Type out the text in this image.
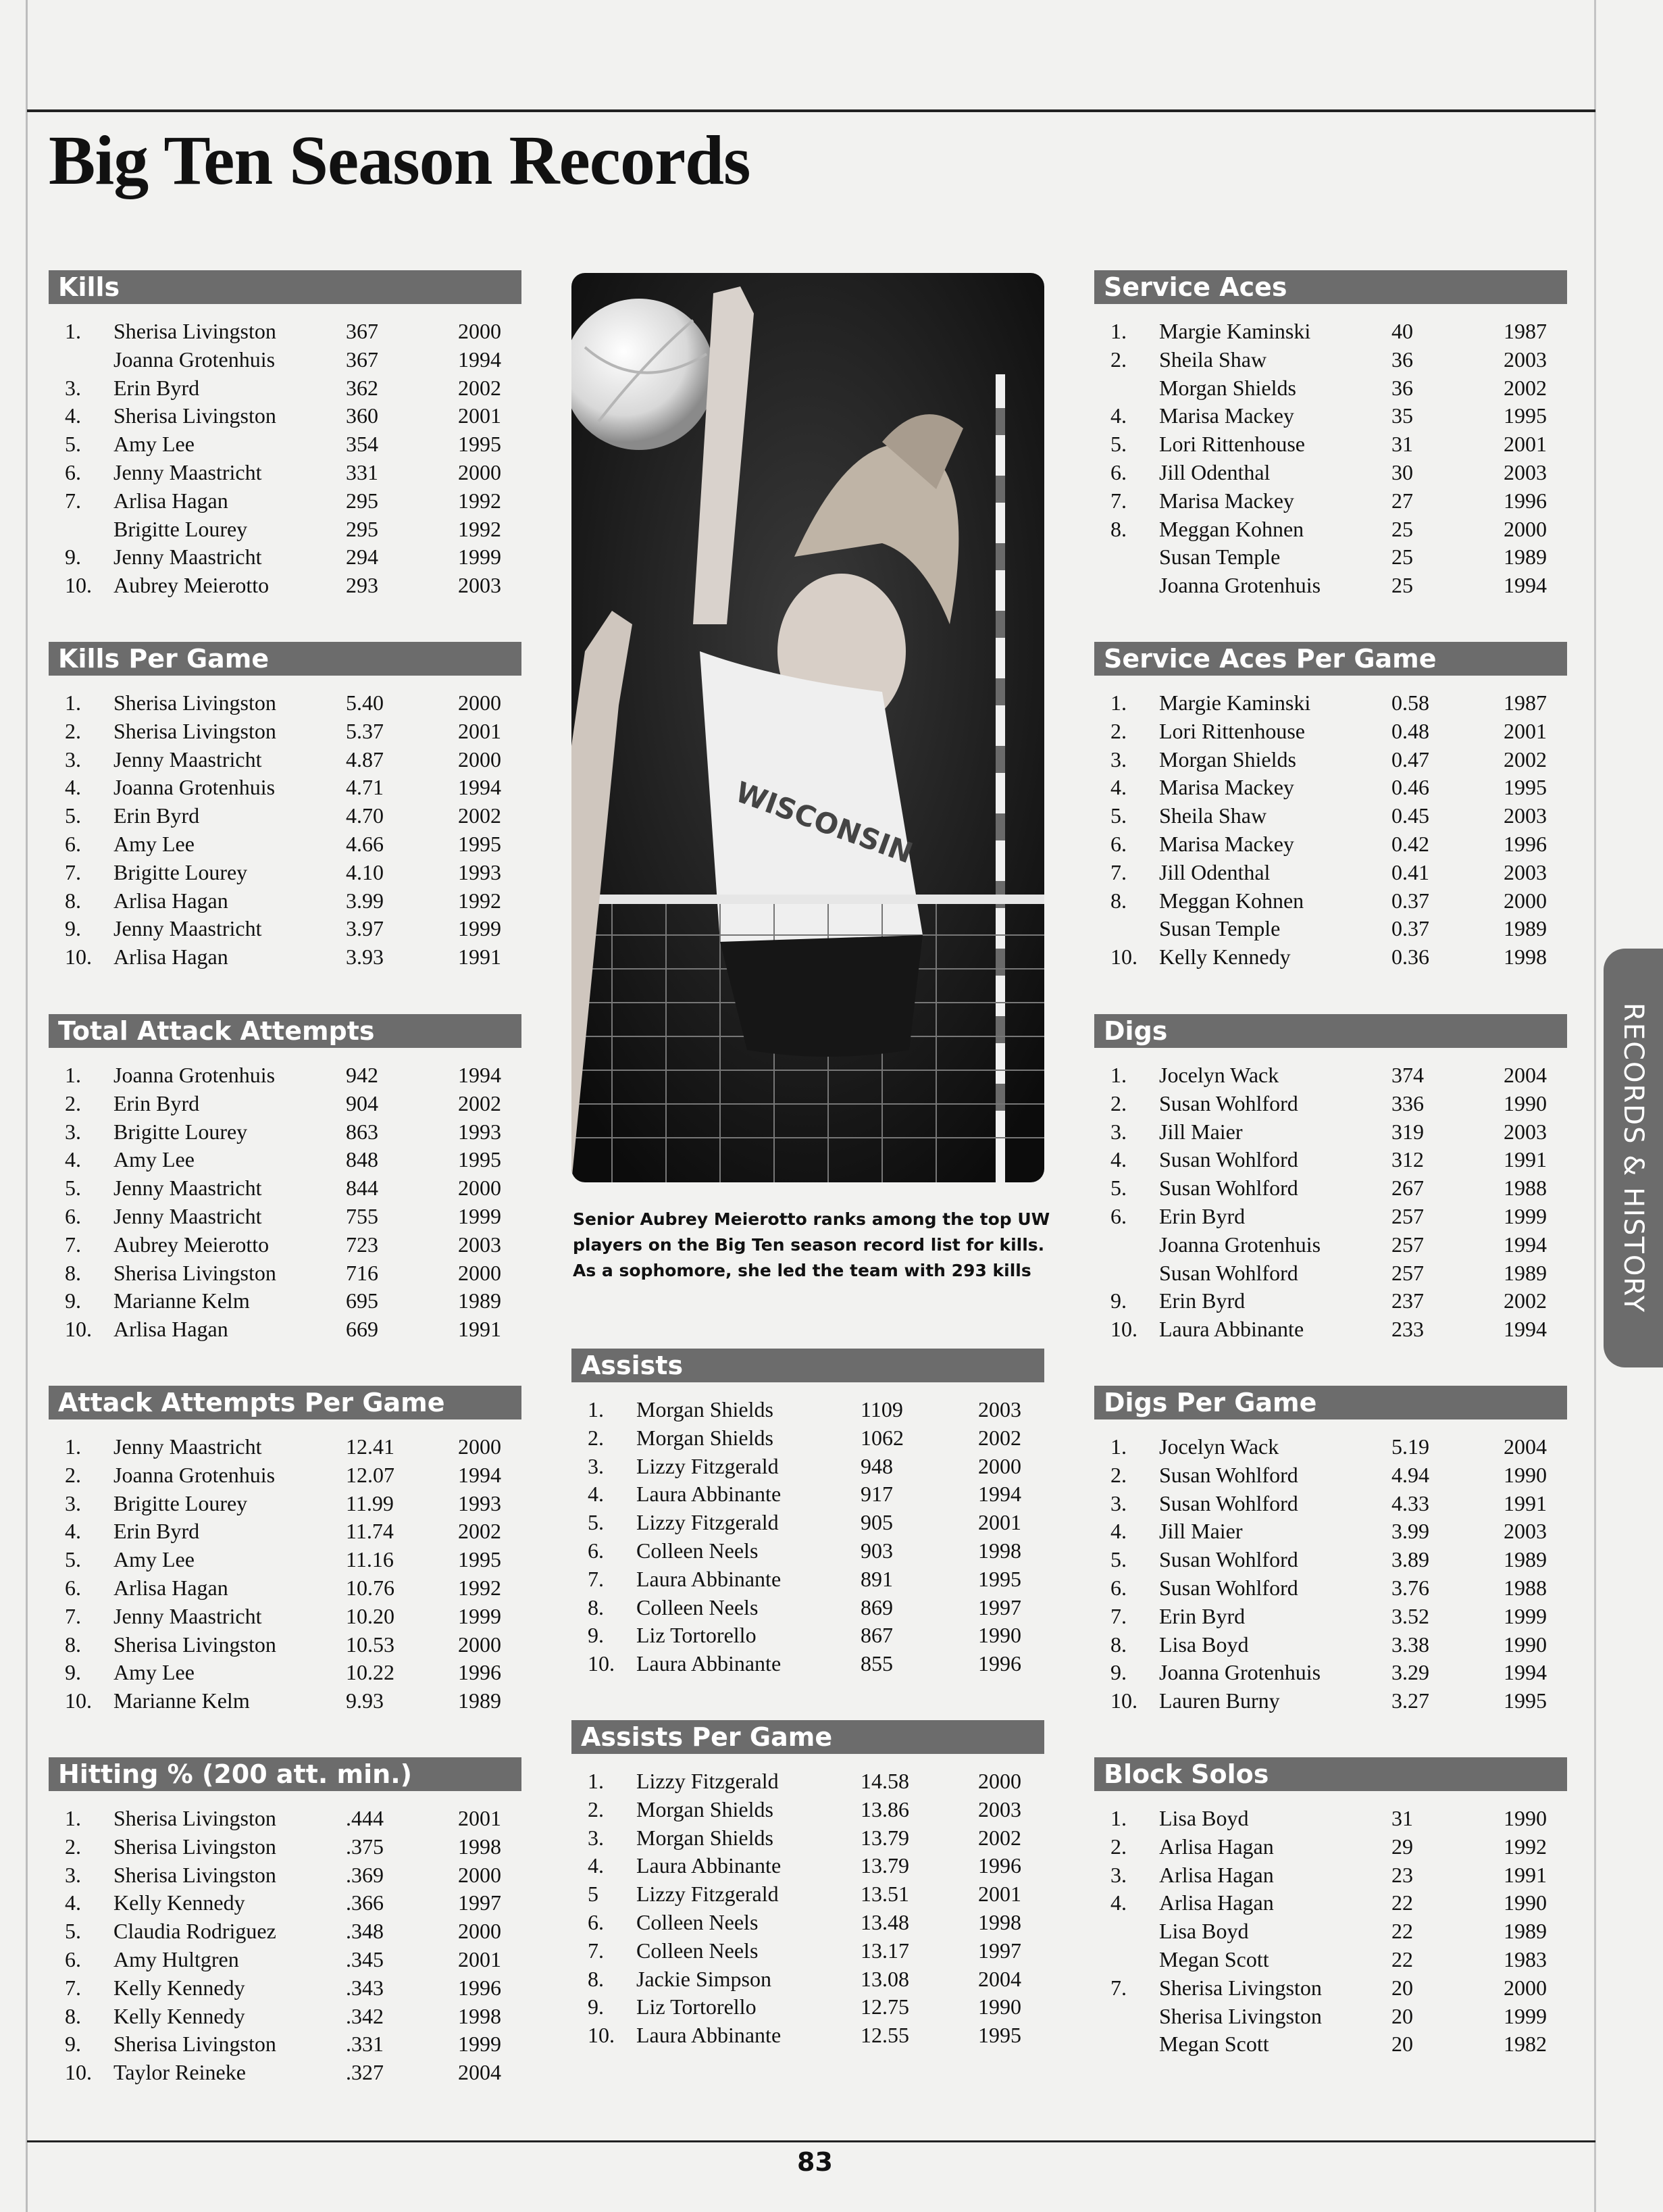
Big Ten Season Records
Kills
1. Sherisa Livingston	367	2000
Joanna Grotenhuis	367	1994
3. Erin Byrd	362	2002
4. Sherisa Livingston	360	2001
5. Amy Lee	354	1995
6. Jenny Maastricht	331	2000
7. Arlisa Hagan	295	1992
Brigitte Lourey	295	1992
9. Jenny Maastricht	294	1999
10. Aubrey Meierotto	293	2003
Kills Per Game
1. Sherisa Livingston	5.40	2000
2. Sherisa Livingston	5.37	2001
3. Jenny Maastricht	4.87	2000
4. Joanna Grotenhuis	4.71	1994
5. Erin Byrd	4.70	2002
6. Amy Lee	4.66	1995
7. Brigitte Lourey	4.10	1993
8. Arlisa Hagan	3.99	1992
9. Jenny Maastricht	3.97	1999
10. Arlisa Hagan	3.93	1991
Total Attack Attempts
1. Joanna Grotenhuis	942	1994
2. Erin Byrd	904	2002
3. Brigitte Lourey	863	1993
4. Amy Lee	848	1995
5. Jenny Maastricht	844	2000
6. Jenny Maastricht	755	1999
7. Aubrey Meierotto	723	2003
8. Sherisa Livingston	716	2000
9. Marianne Kelm	695	1989
10. Arlisa Hagan	669	1991
Attack Attempts Per Game
1. Jenny Maastricht	12.41	2000
2. Joanna Grotenhuis	12.07	1994
3. Brigitte Lourey	11.99	1993
4. Erin Byrd	11.74	2002
5. Amy Lee	11.16	1995
6. Arlisa Hagan	10.76	1992
7. Jenny Maastricht	10.20	1999
8. Sherisa Livingston	10.53	2000
9. Amy Lee	10.22	1996
10. Marianne Kelm	9.93	1989
Hitting % (200 att. min.)
1. Sherisa Livingston	.444	2001
2. Sherisa Livingston	.375	1998
3. Sherisa Livingston	.369	2000
4. Kelly Kennedy	.366	1997
5. Claudia Rodriguez	.348	2000
6. Amy Hultgren	.345	2001
7. Kelly Kennedy	.343	1996
8. Kelly Kennedy	.342	1998
9. Sherisa Livingston	.331	1999
10. Taylor Reineke	.327	2004
WISCONSIN
Senior Aubrey Meierotto ranks among the top UW
players on the Big Ten season record list for kills.
As a sophomore, she led the team with 293 kills
Assists
1. Morgan Shields	1109	2003
2. Morgan Shields	1062	2002
3. Lizzy Fitzgerald	948	2000
4. Laura Abbinante	917	1994
5. Lizzy Fitzgerald	905	2001
6. Colleen Neels	903	1998
7. Laura Abbinante	891	1995
8. Colleen Neels	869	1997
9. Liz Tortorello	867	1990
10. Laura Abbinante	855	1996
Assists Per Game
1. Lizzy Fitzgerald	14.58	2000
2. Morgan Shields	13.86	2003
3. Morgan Shields	13.79	2002
4. Laura Abbinante	13.79	1996
5 Lizzy Fitzgerald	13.51	2001
6. Colleen Neels	13.48	1998
7. Colleen Neels	13.17	1997
8. Jackie Simpson	13.08	2004
9. Liz Tortorello	12.75	1990
10. Laura Abbinante	12.55	1995
Service Aces
1. Margie Kaminski	40	1987
2. Sheila Shaw	36	2003
Morgan Shields	36	2002
4. Marisa Mackey	35	1995
5. Lori Rittenhouse	31	2001
6. Jill Odenthal	30	2003
7. Marisa Mackey	27	1996
8. Meggan Kohnen	25	2000
Susan Temple	25	1989
Joanna Grotenhuis	25	1994
Service Aces Per Game
1. Margie Kaminski	0.58	1987
2. Lori Rittenhouse	0.48	2001
3. Morgan Shields	0.47	2002
4. Marisa Mackey	0.46	1995
5. Sheila Shaw	0.45	2003
6. Marisa Mackey	0.42	1996
7. Jill Odenthal	0.41	2003
8. Meggan Kohnen	0.37	2000
Susan Temple	0.37	1989
10. Kelly Kennedy	0.36	1998
Digs
1. Jocelyn Wack	374	2004
2. Susan Wohlford	336	1990
3. Jill Maier	319	2003
4. Susan Wohlford	312	1991
5. Susan Wohlford	267	1988
6. Erin Byrd	257	1999
Joanna Grotenhuis	257	1994
Susan Wohlford	257	1989
9. Erin Byrd	237	2002
10. Laura Abbinante	233	1994
Digs Per Game
1. Jocelyn Wack	5.19	2004
2. Susan Wohlford	4.94	1990
3. Susan Wohlford	4.33	1991
4. Jill Maier	3.99	2003
5. Susan Wohlford	3.89	1989
6. Susan Wohlford	3.76	1988
7. Erin Byrd	3.52	1999
8. Lisa Boyd	3.38	1990
9. Joanna Grotenhuis	3.29	1994
10. Lauren Burny	3.27	1995
Block Solos
1. Lisa Boyd	31	1990
2. Arlisa Hagan	29	1992
3. Arlisa Hagan	23	1991
4. Arlisa Hagan	22	1990
Lisa Boyd	22	1989
Megan Scott	22	1983
7. Sherisa Livingston	20	2000
Sherisa Livingston	20	1999
Megan Scott	20	1982
RECORDS & HISTORY
83
